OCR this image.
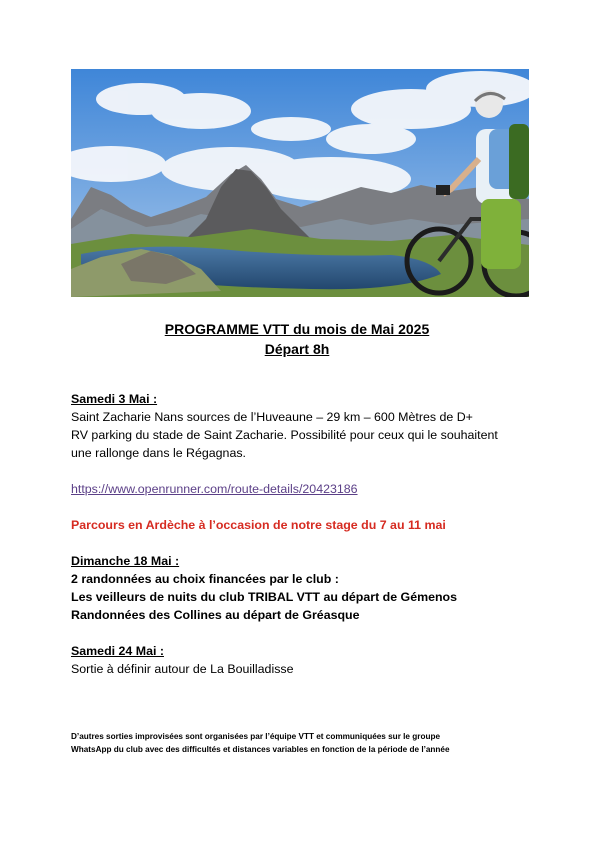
PROGRAMME VTT du mois de Mai 2025
Départ 8h
Samedi 3 Mai :
Saint Zacharie Nans sources de l’Huveaune – 29 km – 600 Mètres de D+
RV parking du stade de Saint Zacharie. Possibilité pour ceux qui le souhaitent
une rallonge dans le Régagnas.
https://www.openrunner.com/route-details/20423186
Parcours en Ardèche à l’occasion de notre stage du 7 au 11 mai
Dimanche 18 Mai :
2 randonnées au choix financées par le club :
Les veilleurs de nuits du club TRIBAL VTT au départ de Gémenos
Randonnées des Collines au départ de Gréasque
Samedi 24 Mai :
Sortie à définir autour de La Bouilladisse
D’autres sorties improvisées sont organisées par l’équipe VTT et communiquées sur le groupe
WhatsApp du club avec des difficultés et distances variables en fonction de la période de l’année
